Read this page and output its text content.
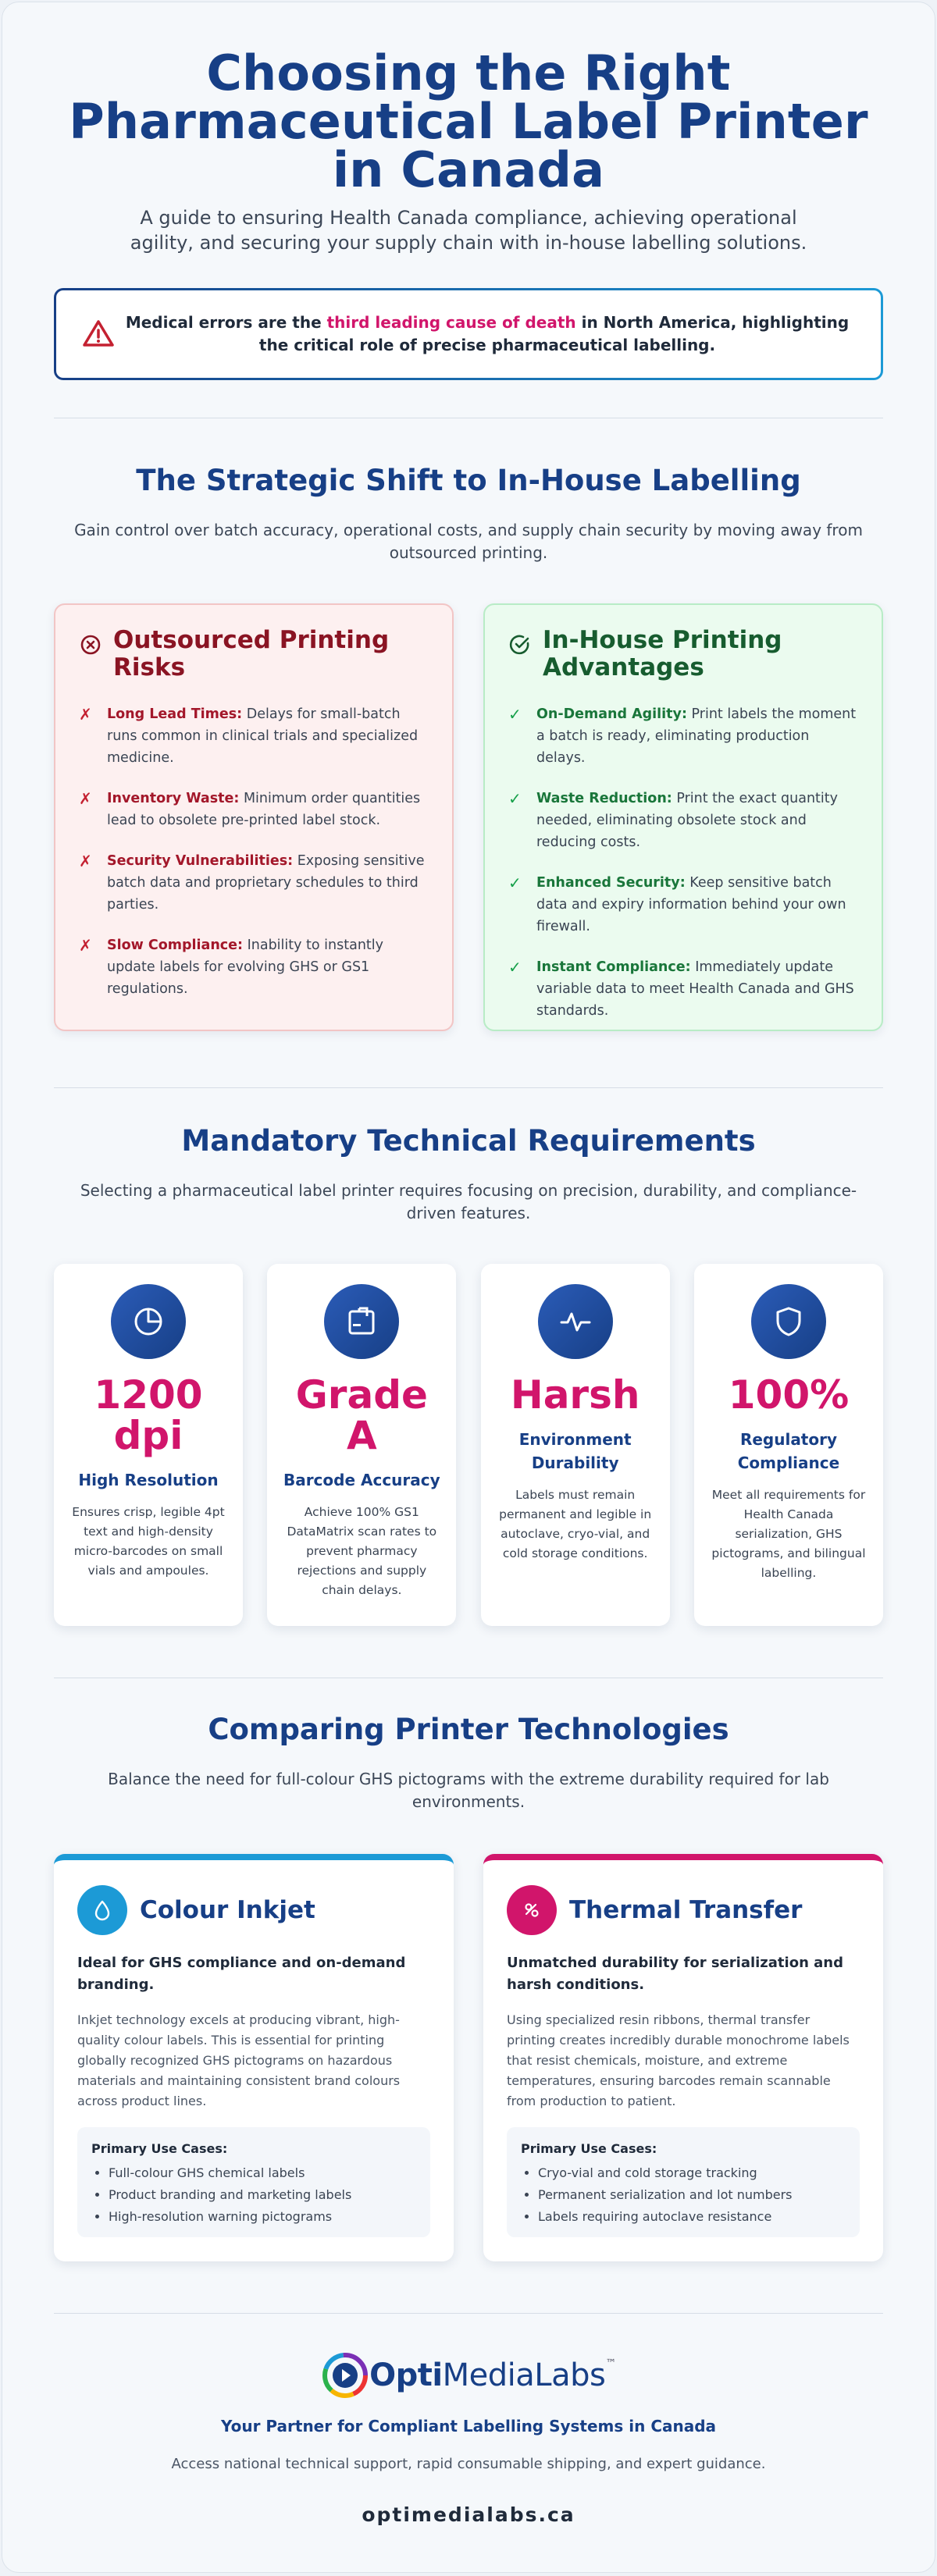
Choosing the Right
Pharmaceutical Label Printer
in Canada
A guide to ensuring Health Canada compliance, achieving operational agility, and securing your supply chain with in-house labelling solutions.
Medical errors are the third leading cause of death in North America, highlighting the critical role of precise pharmaceutical labelling.
The Strategic Shift to In-House Labelling
Gain control over batch accuracy, operational costs, and supply chain security by moving away from outsourced printing.
Outsourced Printing Risks
✗	Long Lead Times: Delays for small-batch runs common in clinical trials and specialized medicine.
✗	Inventory Waste: Minimum order quantities lead to obsolete pre-printed label stock.
✗	Security Vulnerabilities: Exposing sensitive batch data and proprietary schedules to third parties.
✗	Slow Compliance: Inability to instantly update labels for evolving GHS or GS1 regulations.
In-House Printing Advantages
✓	On-Demand Agility: Print labels the moment a batch is ready, eliminating production delays.
✓	Waste Reduction: Print the exact quantity needed, eliminating obsolete stock and reducing costs.
✓	Enhanced Security: Keep sensitive batch data and expiry information behind your own firewall.
✓	Instant Compliance: Immediately update variable data to meet Health Canada and GHS standards.
Mandatory Technical Requirements
Selecting a pharmaceutical label printer requires focusing on precision, durability, and compliance-driven features.
1200
dpi
High Resolution

Ensures crisp, legible 4pt text and high-density micro-barcodes on small vials and ampoules.

Grade
A
Barcode Accuracy

Achieve 100% GS1 DataMatrix scan rates to prevent pharmacy rejections and supply chain delays.

Harsh
Environment Durability

Labels must remain permanent and legible in autoclave, cryo-vial, and cold storage conditions.

100%
Regulatory Compliance

Meet all requirements for Health Canada serialization, GHS pictograms, and bilingual labelling.

Comparing Printer Technologies
Balance the need for full-colour GHS pictograms with the extreme durability required for lab environments.
Colour Inkjet
Ideal for GHS compliance and on-demand branding.
Inkjet technology excels at producing vibrant, high-quality colour labels. This is essential for printing globally recognized GHS pictograms on hazardous materials and maintaining consistent brand colours across product lines.
Primary Use Cases:
• Full-colour GHS chemical labels
• Product branding and marketing labels
• High-resolution warning pictograms
Thermal Transfer
Unmatched durability for serialization and harsh conditions.
Using specialized resin ribbons, thermal transfer printing creates incredibly durable monochrome labels that resist chemicals, moisture, and extreme temperatures, ensuring barcodes remain scannable from production to patient.
Primary Use Cases:
• Cryo-vial and cold storage tracking
• Permanent serialization and lot numbers
• Labels requiring autoclave resistance
OptiMediaLabs™
Your Partner for Compliant Labelling Systems in Canada
Access national technical support, rapid consumable shipping, and expert guidance.
optimedialabs.ca
